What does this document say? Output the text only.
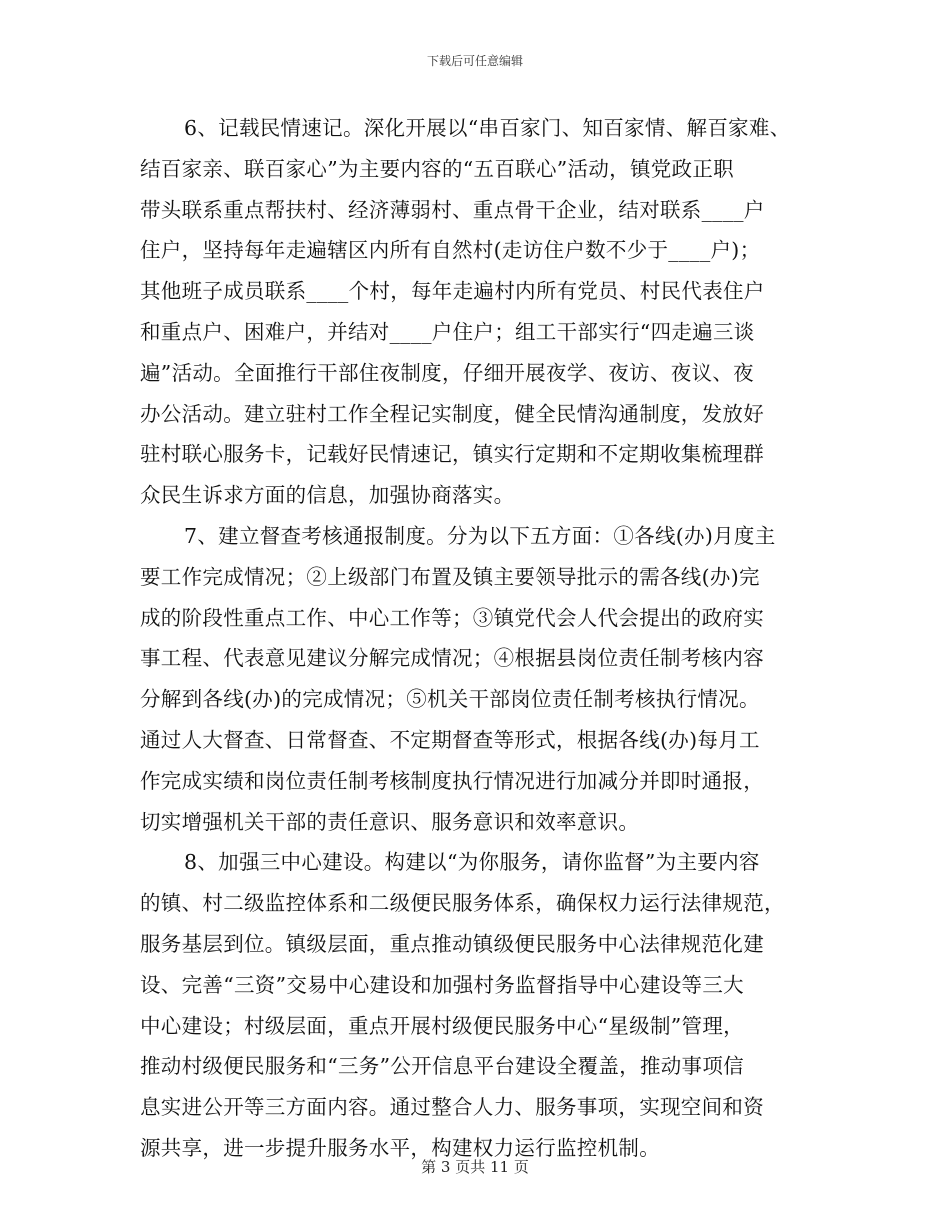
下载后可任意编辑
6、记载民情速记。深化开展以“串百家门、知百家情、解百家难、
结百家亲、联百家心”为主要内容的“五百联心”活动，镇党政正职
带头联系重点帮扶村、经济薄弱村、重点骨干企业，结对联系____户
住户，坚持每年走遍辖区内所有自然村(走访住户数不少于____户)；
其他班子成员联系____个村，每年走遍村内所有党员、村民代表住户
和重点户、困难户，并结对____户住户；组工干部实行“四走遍三谈
遍”活动。全面推行干部住夜制度，仔细开展夜学、夜访、夜议、夜
办公活动。建立驻村工作全程记实制度，健全民情沟通制度，发放好
驻村联心服务卡，记载好民情速记，镇实行定期和不定期收集梳理群
众民生诉求方面的信息，加强协商落实。
7、建立督查考核通报制度。分为以下五方面：①各线(办)月度主
要工作完成情况；②上级部门布置及镇主要领导批示的需各线(办)完
成的阶段性重点工作、中心工作等；③镇党代会人代会提出的政府实
事工程、代表意见建议分解完成情况；④根据县岗位责任制考核内容
分解到各线(办)的完成情况；⑤机关干部岗位责任制考核执行情况。
通过人大督查、日常督查、不定期督查等形式，根据各线(办)每月工
作完成实绩和岗位责任制考核制度执行情况进行加减分并即时通报，
切实增强机关干部的责任意识、服务意识和效率意识。
8、加强三中心建设。构建以“为你服务，请你监督”为主要内容
的镇、村二级监控体系和二级便民服务体系，确保权力运行法律规范，
服务基层到位。镇级层面，重点推动镇级便民服务中心法律规范化建
设、完善“三资”交易中心建设和加强村务监督指导中心建设等三大
中心建设；村级层面，重点开展村级便民服务中心“星级制”管理，
推动村级便民服务和“三务”公开信息平台建设全覆盖，推动事项信
息实进公开等三方面内容。通过整合人力、服务事项，实现空间和资
源共享，进一步提升服务水平，构建权力运行监控机制。
第 3 页共 11 页
